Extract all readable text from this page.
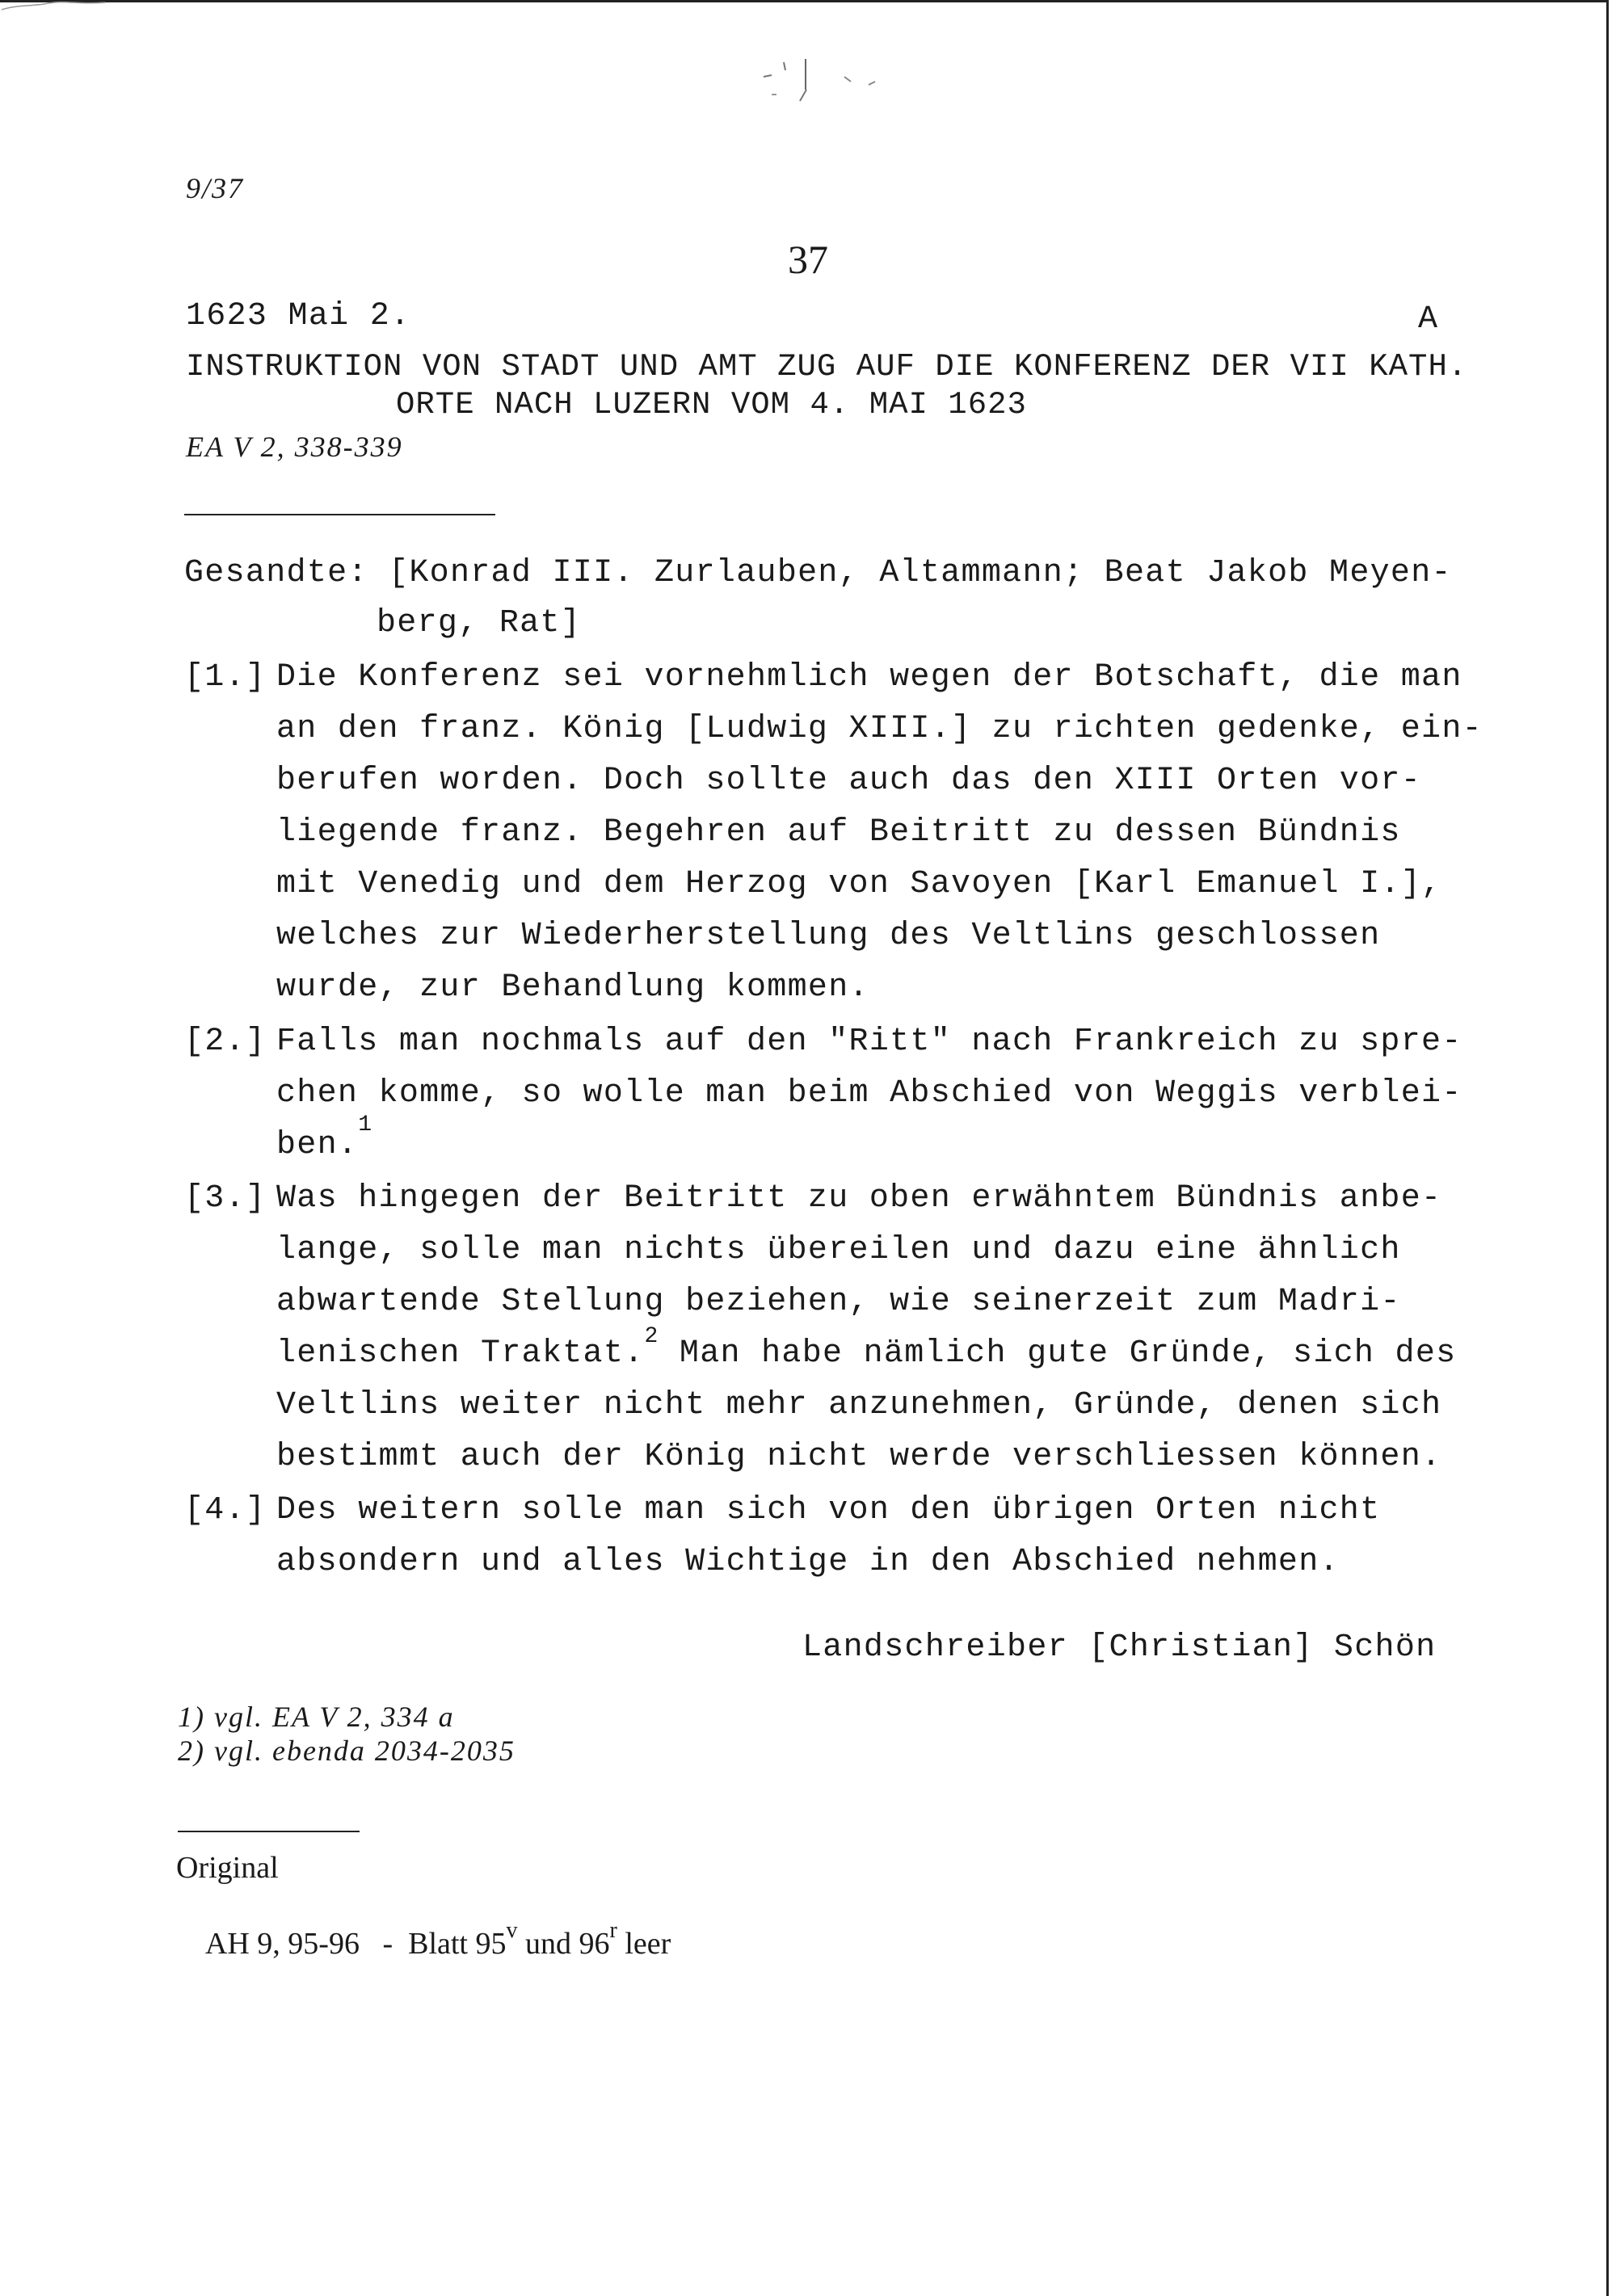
9/37
37
1623 Mai 2.	A
INSTRUKTION VON STADT UND AMT ZUG AUF DIE KONFERENZ DER VII KATH.
ORTE NACH LUZERN VOM 4. MAI 1623
EA V 2, 338-339
Gesandte: [Konrad III. Zurlauben, Altammann; Beat Jakob Meyen-
berg, Rat]
[1.] Die Konferenz sei vornehmlich wegen der Botschaft, die man
an den franz. König [Ludwig XIII.] zu richten gedenke, ein-
berufen worden. Doch sollte auch das den XIII Orten vor-
liegende franz. Begehren auf Beitritt zu dessen Bündnis
mit Venedig und dem Herzog von Savoyen [Karl Emanuel I.],
welches zur Wiederherstellung des Veltlins geschlossen
wurde, zur Behandlung kommen.
[2.] Falls man nochmals auf den "Ritt" nach Frankreich zu spre-
chen komme, so wolle man beim Abschied von Weggis verblei-
ben.$^1$
[3.] Was hingegen der Beitritt zu oben erwähntem Bündnis anbe-
lange, solle man nichts übereilen und dazu eine ähnlich
abwartende Stellung beziehen, wie seinerzeit zum Madri-
lenischen Traktat.$^2$ Man habe nämlich gute Gründe, sich des
Veltlins weiter nicht mehr anzunehmen, Gründe, denen sich
bestimmt auch der König nicht werde verschliessen können.
[4.] Des weitern solle man sich von den übrigen Orten nicht
absondern und alles Wichtige in den Abschied nehmen.
Landschreiber [Christian] Schön
1) vgl. EA V 2, 334 a
2) vgl. ebenda 2034-2035
Original

AH 9, 95-96   -  Blatt 95$^v$ und 96$^r$ leer
